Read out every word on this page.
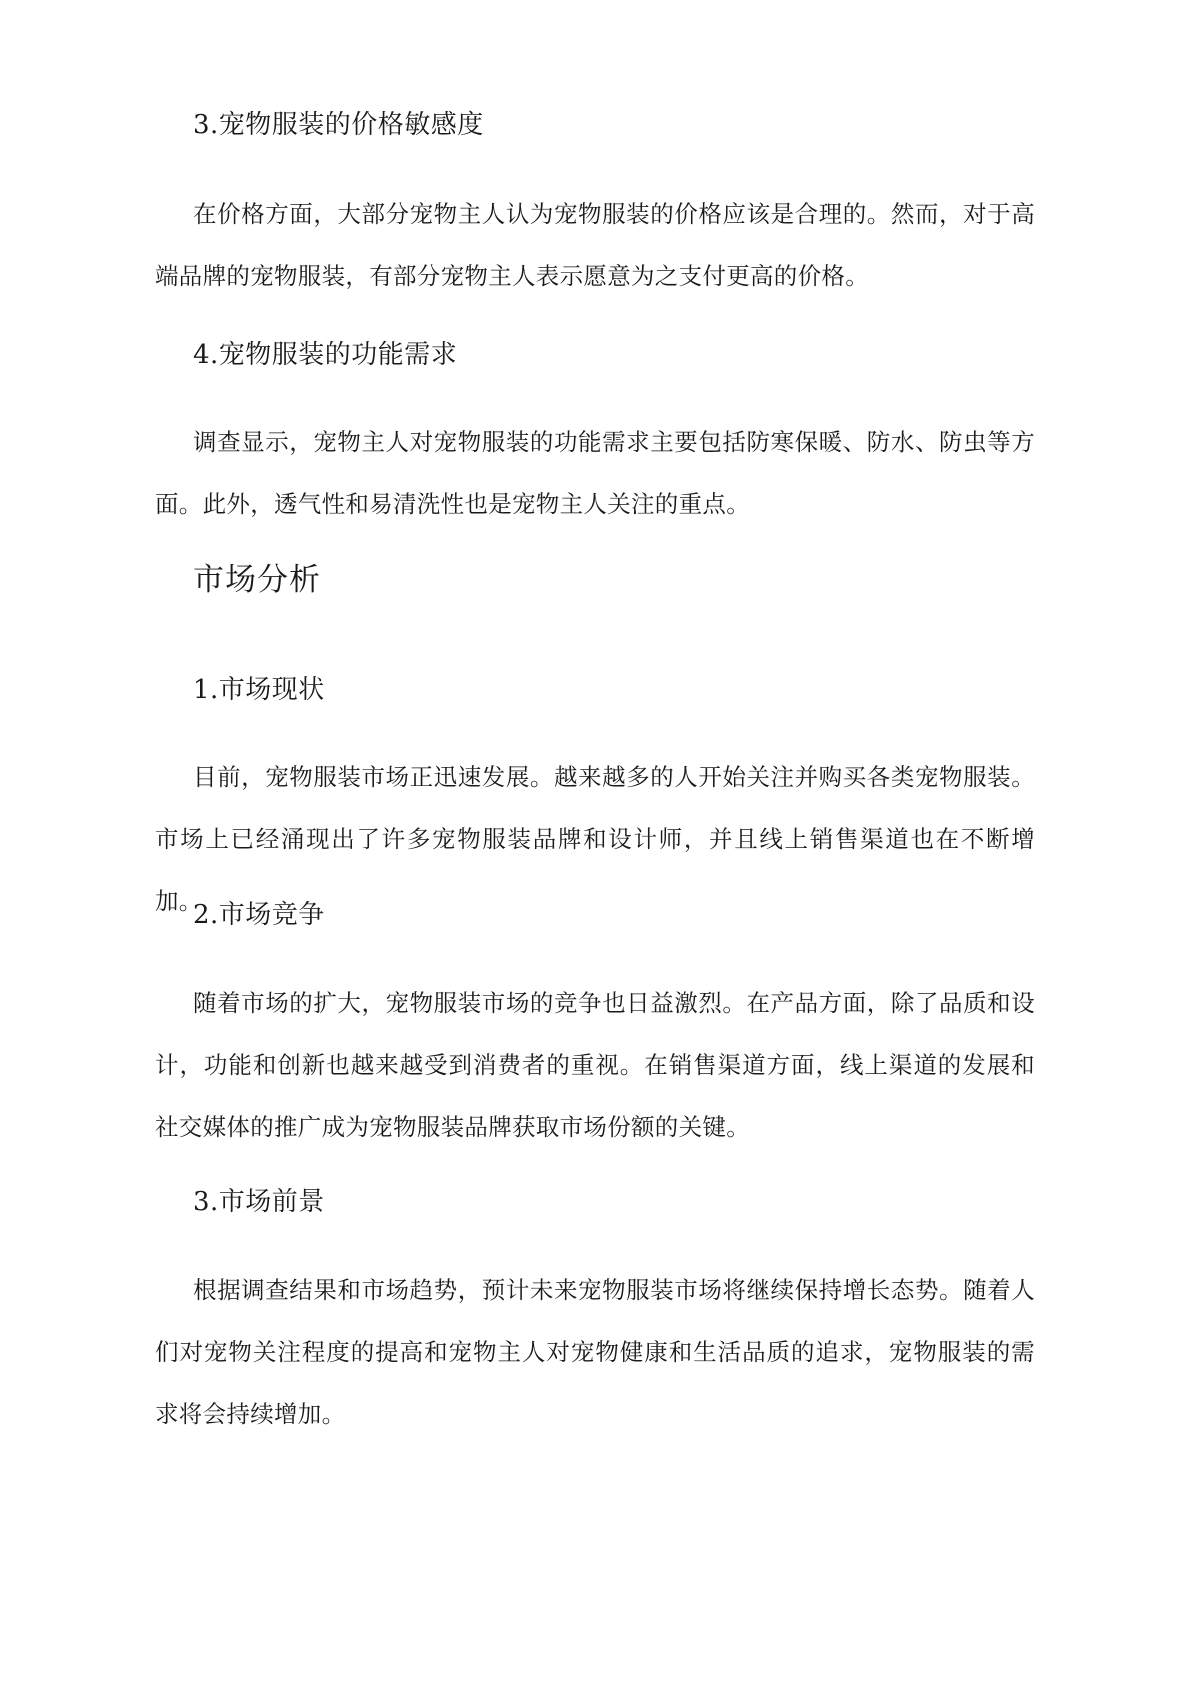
3.宠物服装的价格敏感度

在价格方面，大部分宠物主人认为宠物服装的价格应该是合理的。然而，对于高端品牌的宠物服装，有部分宠物主人表示愿意为之支付更高的价格。

4.宠物服装的功能需求

调查显示，宠物主人对宠物服装的功能需求主要包括防寒保暖、防水、防虫等方面。此外，透气性和易清洗性也是宠物主人关注的重点。

市场分析
1.市场现状

目前，宠物服装市场正迅速发展。越来越多的人开始关注并购买各类宠物服装。市场上已经涌现出了许多宠物服装品牌和设计师，并且线上销售渠道也在不断增加。

2.市场竞争

随着市场的扩大，宠物服装市场的竞争也日益激烈。在产品方面，除了品质和设计，功能和创新也越来越受到消费者的重视。在销售渠道方面，线上渠道的发展和社交媒体的推广成为宠物服装品牌获取市场份额的关键。

3.市场前景

根据调查结果和市场趋势，预计未来宠物服装市场将继续保持增长态势。随着人们对宠物关注程度的提高和宠物主人对宠物健康和生活品质的追求，宠物服装的需求将会持续增加。
